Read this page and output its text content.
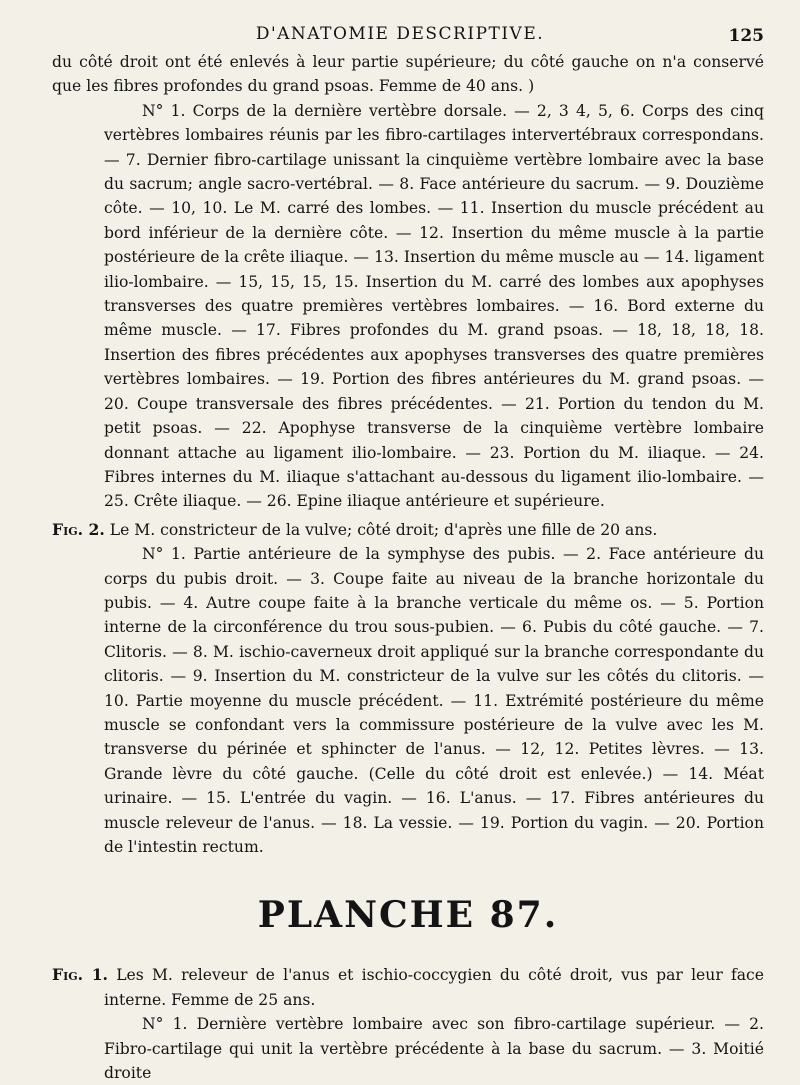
D'ANATOMIE DESCRIPTIVE.	125

du côté droit ont été enlevés à leur partie supérieure; du côté gauche on n'a conservé que les fibres profondes du grand psoas. Femme de 40 ans. )

N° 1. Corps de la dernière vertèbre dorsale. — 2, 3 4, 5, 6. Corps des cinq vertèbres lombaires réunis par les fibro-cartilages intervertébraux correspondans. — 7. Dernier fibro-cartilage unissant la cinquième vertèbre lombaire avec la base du sacrum; angle sacro-vertébral. — 8. Face antérieure du sacrum. — 9. Douzième côte. — 10, 10. Le M. carré des lombes. — 11. Insertion du muscle précédent au bord inférieur de la dernière côte. — 12. Insertion du même muscle à la partie postérieure de la crête iliaque. — 13. Insertion du même muscle au — 14. ligament ilio-lombaire. — 15, 15, 15, 15. Insertion du M. carré des lombes aux apophyses transverses des quatre premières vertèbres lombaires. — 16. Bord externe du même muscle. — 17. Fibres profondes du M. grand psoas. — 18, 18, 18, 18. Insertion des fibres précédentes aux apophyses transverses des quatre premières vertèbres lombaires. — 19. Portion des fibres antérieures du M. grand psoas. — 20. Coupe transversale des fibres précédentes. — 21. Portion du tendon du M. petit psoas. — 22. Apophyse transverse de la cinquième vertèbre lombaire donnant attache au ligament ilio-lombaire. — 23. Portion du M. iliaque. — 24. Fibres internes du M. iliaque s'attachant au-dessous du ligament ilio-lombaire. — 25. Crête iliaque. — 26. Epine iliaque antérieure et supérieure.

Fig. 2. Le M. constricteur de la vulve; côté droit; d'après une fille de 20 ans.

N° 1. Partie antérieure de la symphyse des pubis. — 2. Face antérieure du corps du pubis droit. — 3. Coupe faite au niveau de la branche horizontale du pubis. — 4. Autre coupe faite à la branche verticale du même os. — 5. Portion interne de la circonférence du trou sous-pubien. — 6. Pubis du côté gauche. — 7. Clitoris. — 8. M. ischio-caverneux droit appliqué sur la branche correspondante du clitoris. — 9. Insertion du M. constricteur de la vulve sur les côtés du clitoris. — 10. Partie moyenne du muscle précédent. — 11. Extrémité postérieure du même muscle se confondant vers la commissure postérieure de la vulve avec les M. transverse du périnée et sphincter de l'anus. — 12, 12. Petites lèvres. — 13. Grande lèvre du côté gauche. (Celle du côté droit est enlevée.) — 14. Méat urinaire. — 15. L'entrée du vagin. — 16. L'anus. — 17. Fibres antérieures du muscle releveur de l'anus. — 18. La vessie. — 19. Portion du vagin. — 20. Portion de l'intestin rectum.

PLANCHE 87.

Fig. 1. Les M. releveur de l'anus et ischio-coccygien du côté droit, vus par leur face interne. Femme de 25 ans.

N° 1. Dernière vertèbre lombaire avec son fibro-cartilage supérieur. — 2. Fibro-cartilage qui unit la vertèbre précédente à la base du sacrum. — 3. Moitié droite
